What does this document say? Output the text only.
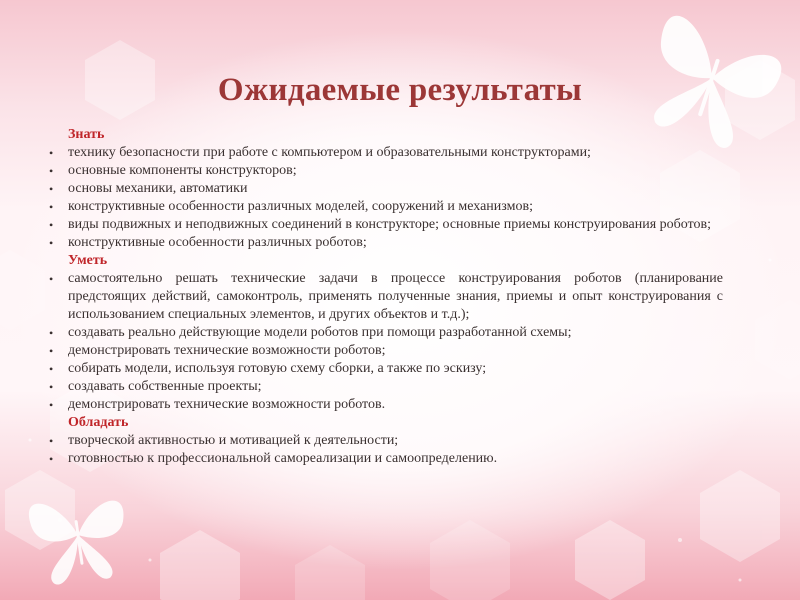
Ожидаемые результаты

Знать

• технику безопасности при работе с компьютером и образовательными конструкторами;
• основные компоненты конструкторов;
• основы механики, автоматики
• конструктивные особенности различных моделей, сооружений и механизмов;
• виды подвижных и неподвижных соединений в конструкторе; основные приемы конструирования роботов;
• конструктивные особенности различных роботов;

Уметь

• самостоятельно решать технические задачи в процессе конструирования роботов (планирование предстоящих действий, самоконтроль, применять полученные знания, приемы и опыт конструирования с использованием специальных элементов, и других объектов и т.д.);
• создавать реально действующие модели роботов при помощи разработанной схемы;
• демонстрировать технические возможности роботов;
• собирать модели, используя готовую схему сборки, а также по эскизу;
• создавать собственные проекты;
• демонстрировать технические возможности роботов.

Обладать

• творческой активностью и мотивацией к деятельности;
• готовностью к профессиональной самореализации и самоопределению.
